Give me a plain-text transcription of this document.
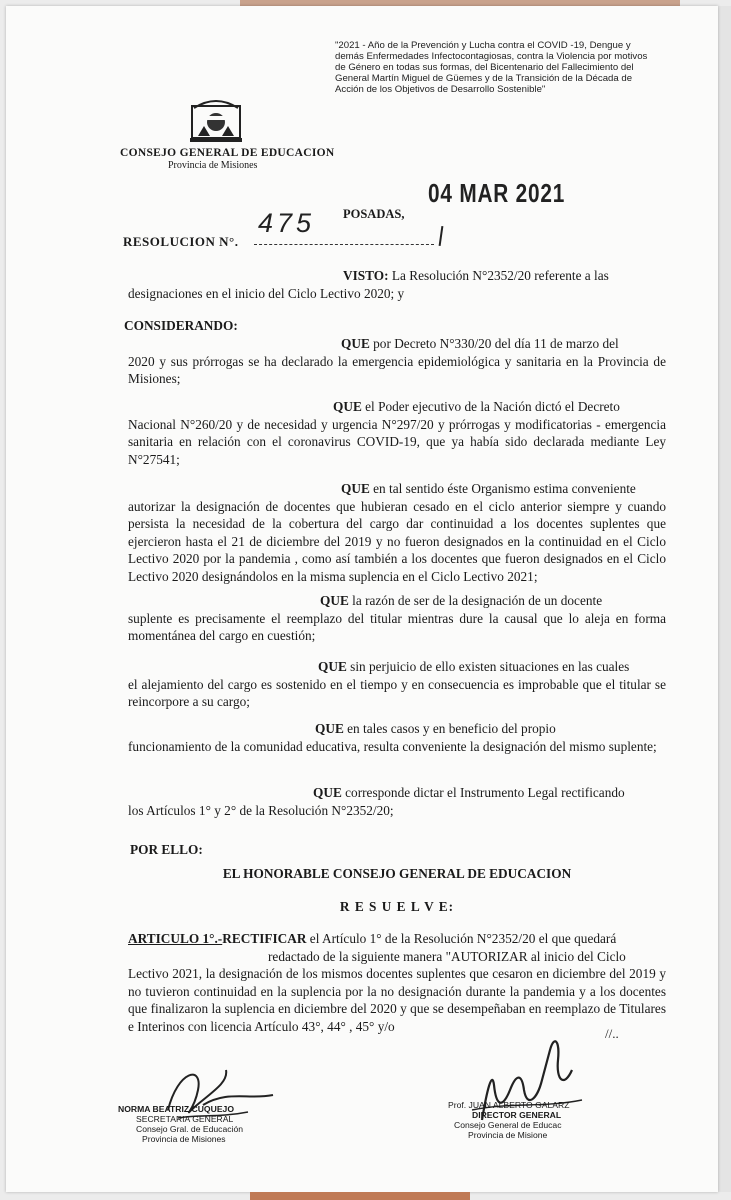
"2021 - Año de la Prevención y Lucha contra el COVID -19, Dengue y demás Enfermedades Infectocontagiosas, contra la Violencia por motivos de Género en todas sus formas, del Bicentenario del Fallecimiento del General Martín Miguel de Güemes y de la Transición de la Década de Acción de los Objetivos de Desarrollo Sostenible"
CONSEJO GENERAL DE EDUCACION
Provincia de Misiones
04 MAR 2021
POSADAS,
RESOLUCION N°.
475
VISTO: La Resolución N°2352/20 referente a las
designaciones en el inicio del Ciclo Lectivo 2020; y
CONSIDERANDO:
QUE por Decreto N°330/20 del día 11 de marzo del
2020 y sus prórrogas se ha declarado la emergencia epidemiológica y sanitaria en la Provincia de Misiones;
QUE el Poder ejecutivo de la Nación dictó el Decreto
Nacional N°260/20 y de necesidad y urgencia N°297/20 y prórrogas y modificatorias - emergencia sanitaria en relación con el coronavirus COVID-19, que ya había sido declarada mediante Ley N°27541;
QUE en tal sentido éste Organismo estima conveniente
autorizar la designación de docentes que hubieran cesado en el ciclo anterior siempre y cuando persista la necesidad de la cobertura del cargo dar continuidad a los docentes suplentes que ejercieron hasta el 21 de diciembre del 2019 y no fueron designados en la continuidad en el Ciclo Lectivo 2020 por la pandemia , como así también a los docentes que fueron designados en el Ciclo Lectivo 2020 designándolos en la misma suplencia en el Ciclo Lectivo 2021;
QUE la razón de ser de la designación de un docente
suplente es precisamente el reemplazo del titular mientras dure la causal que lo aleja en forma momentánea del cargo en cuestión;
QUE sin perjuicio de ello existen situaciones en las cuales
el alejamiento del cargo es sostenido en el tiempo y en consecuencia es improbable que el titular se reincorpore a su cargo;
QUE en tales casos y en beneficio del propio
funcionamiento de la comunidad educativa, resulta conveniente la designación del mismo suplente;
QUE corresponde dictar el Instrumento Legal rectificando
los Artículos 1° y 2° de la Resolución N°2352/20;
POR ELLO:
EL HONORABLE CONSEJO GENERAL DE EDUCACION
R E S U E L V E:
ARTICULO 1°.-RECTIFICAR el Artículo 1° de la Resolución N°2352/20 el que quedará
redactado de la siguiente manera "AUTORIZAR al inicio del Ciclo
Lectivo 2021, la designación de los mismos docentes suplentes que cesaron en diciembre del 2019 y no tuvieron continuidad en la suplencia por la no designación durante la pandemia y a los docentes que finalizaron la suplencia en diciembre del 2020 y que se desempeñaban en reemplazo de Titulares e Interinos con licencia Artículo 43°, 44° , 45° y/o	//..
NORMA BEATRIZ CUQUEJO
SECRETARIA GENERAL
Consejo Gral. de Educación
Provincia de Misiones
Prof. JUAN ALBERTO GALARZ
DIRECTOR GENERAL
Consejo General de Educac
Provincia de Misione
